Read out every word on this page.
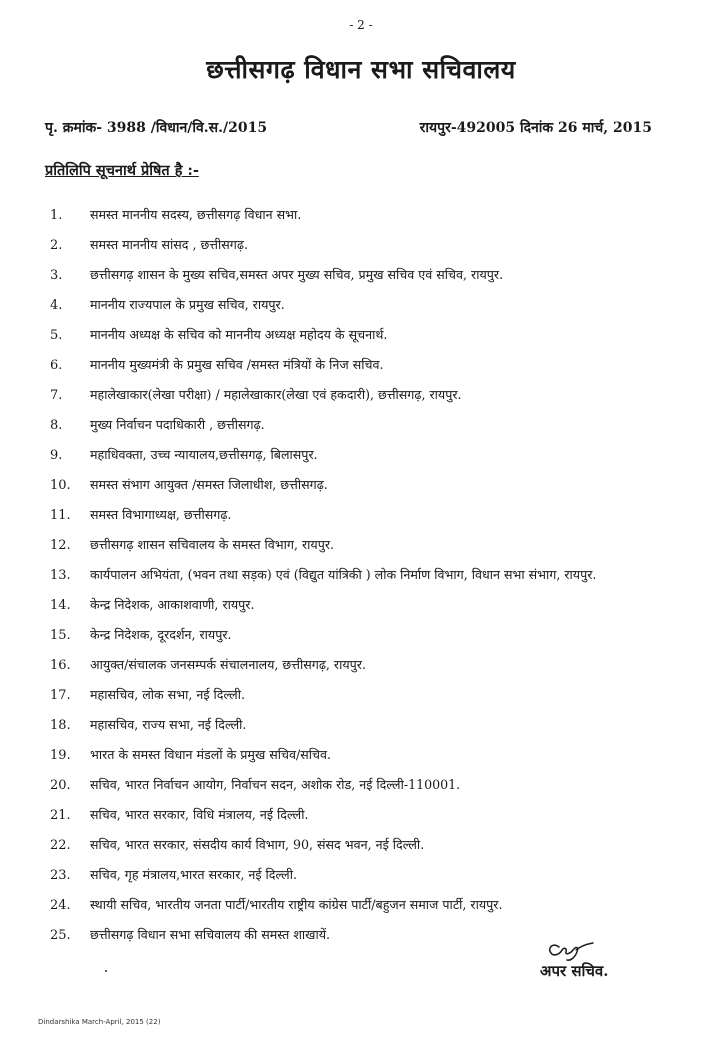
- 2 -
छत्तीसगढ़ विधान सभा सचिवालय
पृ. क्रमांक- 3988 /विधान/वि.स./2015	रायपुर-492005 दिनांक 26 मार्च, 2015
प्रतिलिपि सूचनार्थ प्रेषित है :-
1.	समस्त माननीय सदस्य, छत्तीसगढ़ विधान सभा.
2.	समस्त माननीय सांसद , छत्तीसगढ़.
3.	छत्तीसगढ़ शासन के मुख्य सचिव,समस्त अपर मुख्य सचिव, प्रमुख सचिव एवं सचिव, रायपुर.
4.	माननीय राज्यपाल के प्रमुख सचिव, रायपुर.
5.	माननीय अध्यक्ष के सचिव को माननीय अध्यक्ष महोदय के सूचनार्थ.
6.	माननीय मुख्यमंत्री के प्रमुख सचिव /समस्त मंत्रियों के निज सचिव.
7.	महालेखाकार(लेखा परीक्षा) / महालेखाकार(लेखा एवं हकदारी), छत्तीसगढ़, रायपुर.
8.	मुख्य निर्वाचन पदाधिकारी , छत्तीसगढ़.
9.	महाधिवक्ता, उच्च न्यायालय,छत्तीसगढ़, बिलासपुर.
10.	समस्त संभाग आयुक्त /समस्त जिलाधीश, छत्तीसगढ़.
11.	समस्त विभागाध्यक्ष, छत्तीसगढ़.
12.	छत्तीसगढ़ शासन सचिवालय के समस्त विभाग, रायपुर.
13.	कार्यपालन अभियंता, (भवन तथा सड़क) एवं (विद्युत यांत्रिकी ) लोक निर्माण विभाग, विधान सभा संभाग, रायपुर.
14.	केन्द्र निदेशक, आकाशवाणी, रायपुर.
15.	केन्द्र निदेशक, दूरदर्शन, रायपुर.
16.	आयुक्त/संचालक जनसम्पर्क संचालनालय, छत्तीसगढ़, रायपुर.
17.	महासचिव, लोक सभा, नई दिल्ली.
18.	महासचिव, राज्य सभा, नई दिल्ली.
19.	भारत के समस्त विधान मंडलों के प्रमुख सचिव/सचिव.
20.	सचिव, भारत निर्वाचन आयोग, निर्वाचन सदन, अशोक रोड, नई दिल्ली-110001.
21.	सचिव, भारत सरकार, विधि मंत्रालय, नई दिल्ली.
22.	सचिव, भारत सरकार, संसदीय कार्य विभाग, 90, संसद भवन, नई दिल्ली.
23.	सचिव, गृह मंत्रालय,भारत सरकार, नई दिल्ली.
24.	स्थायी सचिव, भारतीय जनता पार्टी/भारतीय राष्ट्रीय कांग्रेस पार्टी/बहुजन समाज पार्टी, रायपुर.
25.	छत्तीसगढ़ विधान सभा सचिवालय की समस्त शाखायें.
अपर सचिव.
Dindarshika March-April, 2015 (22)
